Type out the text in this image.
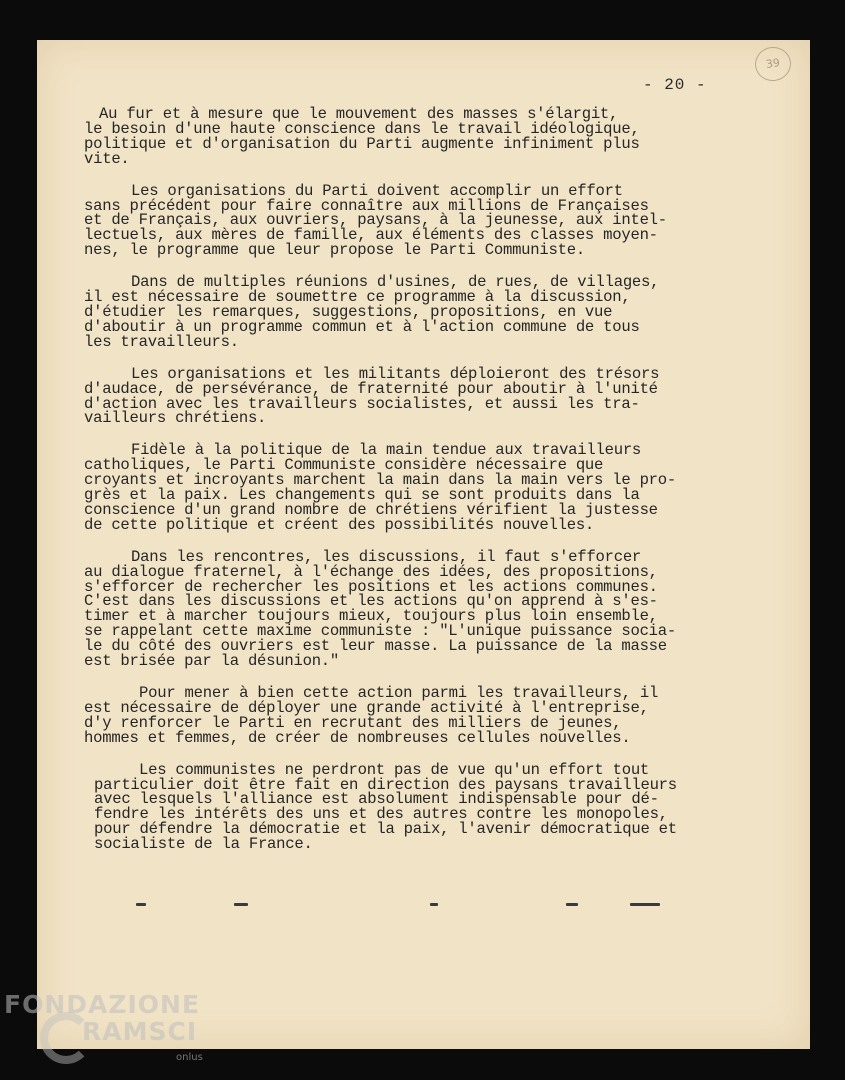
39
- 20 -
Au fur et à mesure que le mouvement des masses s'élargit,
le besoin d'une haute conscience dans le travail idéologique,
politique et d'organisation du Parti augmente infiniment plus
vite.
Les organisations du Parti doivent accomplir un effort
sans précédent pour faire connaître aux millions de Françaises
et de Français, aux ouvriers, paysans, à la jeunesse, aux intel-
lectuels, aux mères de famille, aux éléments des classes moyen-
nes, le programme que leur propose le Parti Communiste.
Dans de multiples réunions d'usines, de rues, de villages,
il est nécessaire de soumettre ce programme à la discussion,
d'étudier les remarques, suggestions, propositions, en vue
d'aboutir à un programme commun et à l'action commune de tous
les travailleurs.
Les organisations et les militants déploieront des trésors
d'audace, de persévérance, de fraternité pour aboutir à l'unité
d'action avec les travailleurs socialistes, et aussi les tra-
vailleurs chrétiens.
Fidèle à la politique de la main tendue aux travailleurs
catholiques, le Parti Communiste considère nécessaire que
croyants et incroyants marchent la main dans la main vers le pro-
grès et la paix. Les changements qui se sont produits dans la
conscience d'un grand nombre de chrétiens vérifient la justesse
de cette politique et créent des possibilités nouvelles.
Dans les rencontres, les discussions, il faut s'efforcer
au dialogue fraternel, à l'échange des idées, des propositions,
s'efforcer de rechercher les positions et les actions communes.
C'est dans les discussions et les actions qu'on apprend à s'es-
timer et à marcher toujours mieux, toujours plus loin ensemble,
se rappelant cette maxime communiste : "L'unique puissance socia-
le du côté des ouvriers est leur masse. La puissance de la masse
est brisée par la désunion."
Pour mener à bien cette action parmi les travailleurs, il
est nécessaire de déployer une grande activité à l'entreprise,
d'y renforcer le Parti en recrutant des milliers de jeunes,
hommes et femmes, de créer de nombreuses cellules nouvelles.
Les communistes ne perdront pas de vue qu'un effort tout
particulier doit être fait en direction des paysans travailleurs
avec lesquels l'alliance est absolument indispensable pour dé-
fendre les intérêts des uns et des autres contre les monopoles,
pour défendre la démocratie et la paix, l'avenir démocratique et
socialiste de la France.
FONDAZIONE
RAMSCI
onlus
